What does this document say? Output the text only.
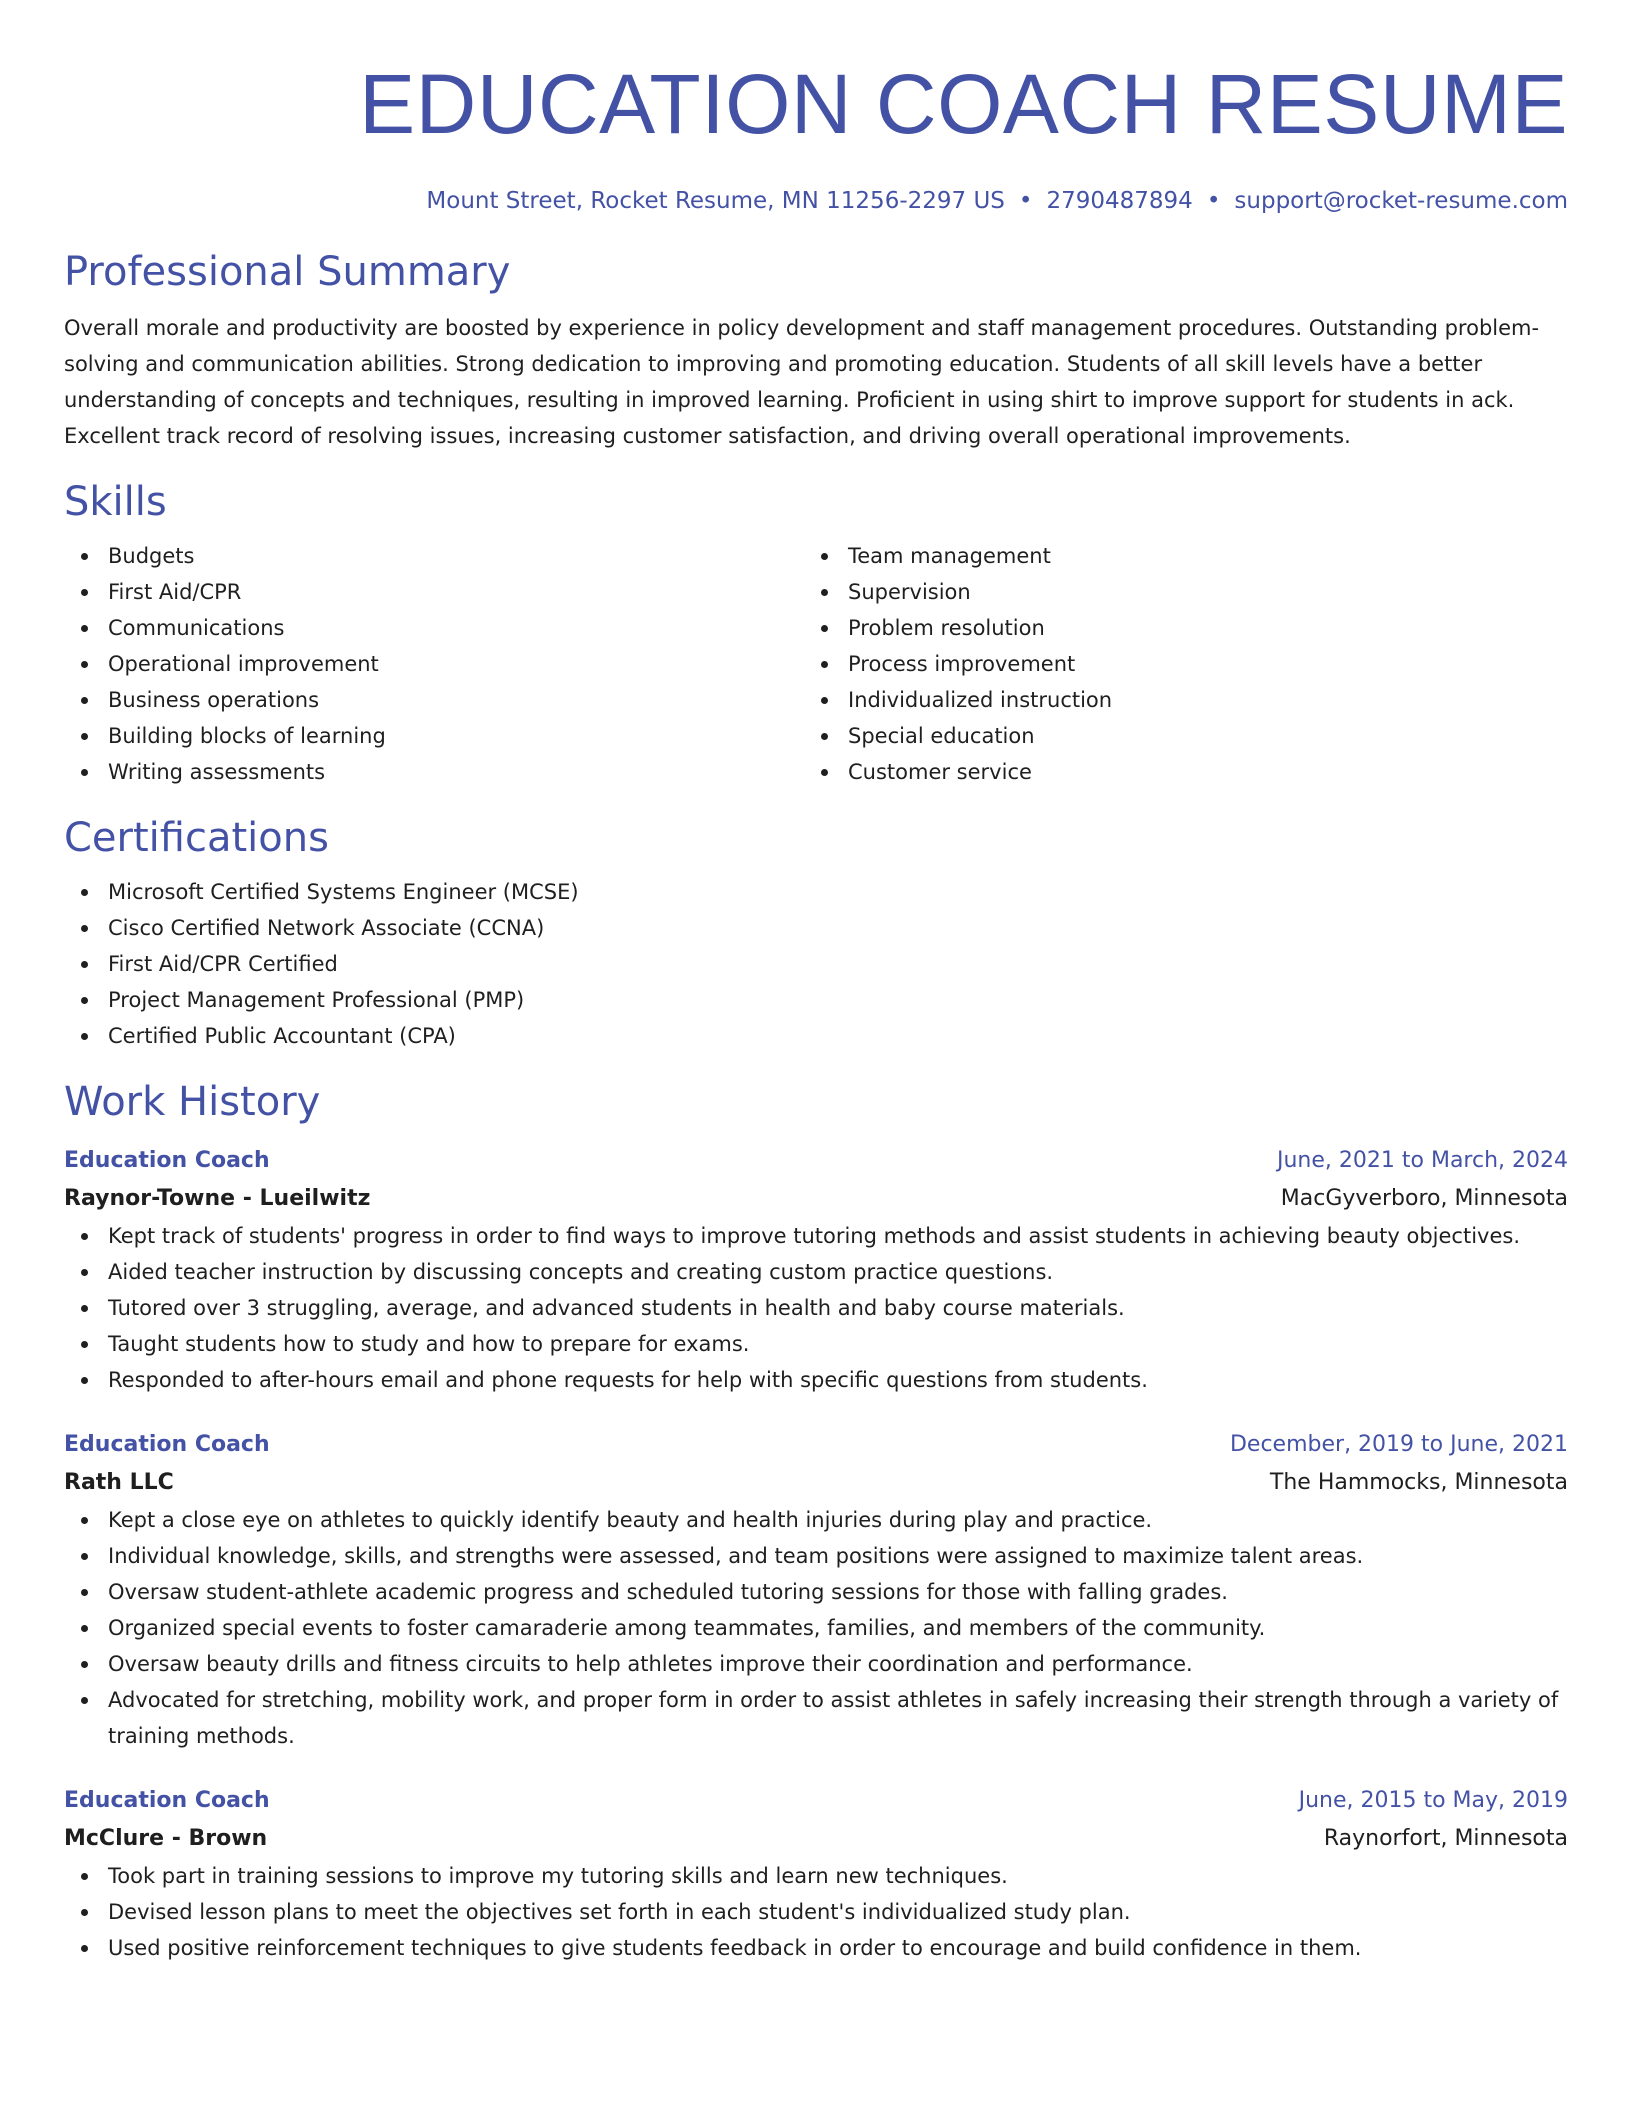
EDUCATION COACH RESUME
Mount Street, Rocket Resume, MN 11256-2297 US • 2790487894 • support@rocket-resume.com
Professional Summary

Overall morale and productivity are boosted by experience in policy development and staff management procedures. Outstanding problem-solving and communication abilities. Strong dedication to improving and promoting education. Students of all skill levels have a better understanding of concepts and techniques, resulting in improved learning. Proficient in using shirt to improve support for students in ack. Excellent track record of resolving issues, increasing customer satisfaction, and driving overall operational improvements.

Skills
Budgets
First Aid/CPR
Communications
Operational improvement
Business operations
Building blocks of learning
Writing assessments
Team management
Supervision
Problem resolution
Process improvement
Individualized instruction
Special education
Customer service
Certifications
Microsoft Certified Systems Engineer (MCSE)
Cisco Certified Network Associate (CCNA)
First Aid/CPR Certified
Project Management Professional (PMP)
Certified Public Accountant (CPA)
Work History
Education Coach	June, 2021 to March, 2024
Raynor-Towne - Lueilwitz	MacGyverboro, Minnesota
Kept track of students' progress in order to find ways to improve tutoring methods and assist students in achieving beauty objectives.
Aided teacher instruction by discussing concepts and creating custom practice questions.
Tutored over 3 struggling, average, and advanced students in health and baby course materials.
Taught students how to study and how to prepare for exams.
Responded to after-hours email and phone requests for help with specific questions from students.
Education Coach	December, 2019 to June, 2021
Rath LLC	The Hammocks, Minnesota
Kept a close eye on athletes to quickly identify beauty and health injuries during play and practice.
Individual knowledge, skills, and strengths were assessed, and team positions were assigned to maximize talent areas.
Oversaw student-athlete academic progress and scheduled tutoring sessions for those with falling grades.
Organized special events to foster camaraderie among teammates, families, and members of the community.
Oversaw beauty drills and fitness circuits to help athletes improve their coordination and performance.
Advocated for stretching, mobility work, and proper form in order to assist athletes in safely increasing their strength through a variety of training methods.
Education Coach	June, 2015 to May, 2019
McClure - Brown	Raynorfort, Minnesota
Took part in training sessions to improve my tutoring skills and learn new techniques.
Devised lesson plans to meet the objectives set forth in each student's individualized study plan.
Used positive reinforcement techniques to give students feedback in order to encourage and build confidence in them.
